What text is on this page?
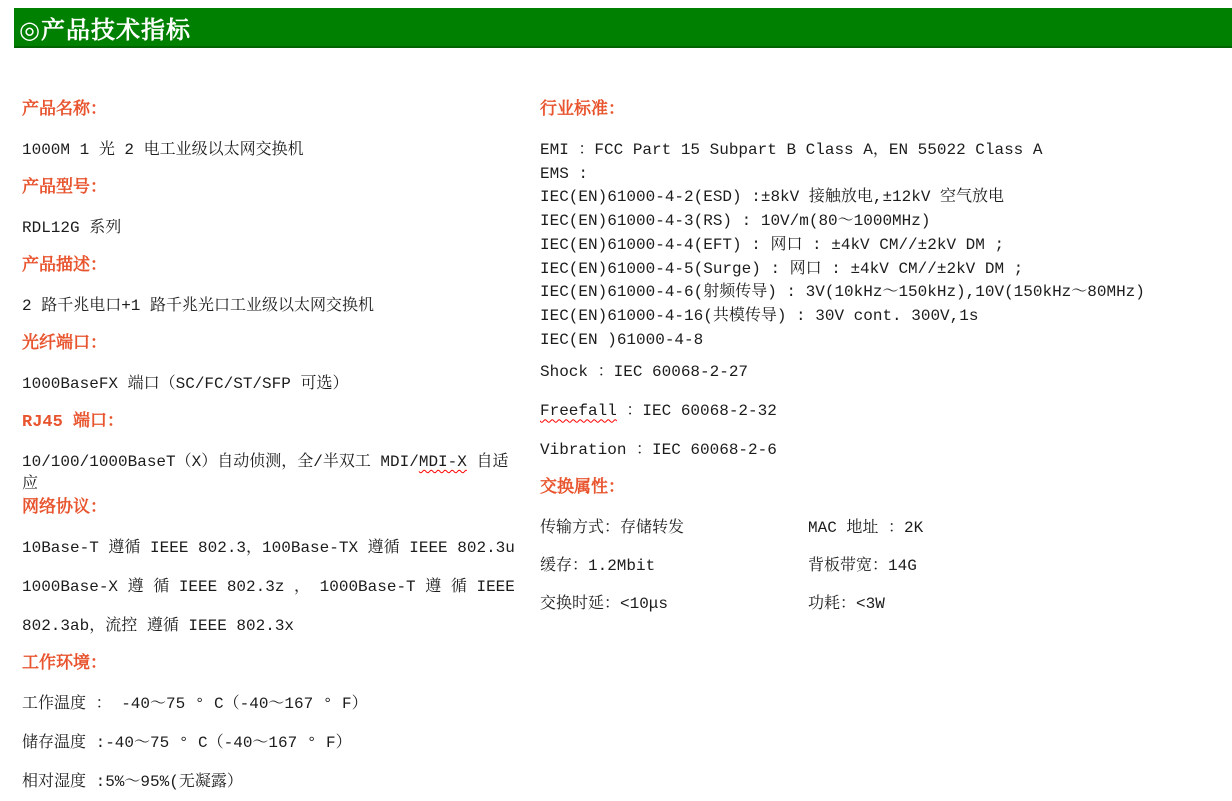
◎产品技术指标
产品名称：

1000M 1 光 2 电工业级以太网交换机

产品型号：

RDL12G 系列

产品描述：

2 路千兆电口+1 路千兆光口工业级以太网交换机

光纤端口：

1000BaseFX 端口（SC/FC/ST/SFP 可选）

RJ45 端口：

10/100/1000BaseT（X）自动侦测，全/半双工 MDI/MDI-X 自适应

网络协议：

10Base-T 遵循 IEEE 802.3，100Base-TX 遵循 IEEE 802.3u

1000Base-X 遵 循 IEEE 802.3z ， 1000Base-T 遵 循 IEEE

802.3ab，流控 遵循 IEEE 802.3x

工作环境：

工作温度 ： -40～75 ° C（-40～167 ° F）

储存温度 :-40～75 ° C（-40～167 ° F）

相对湿度 :5%～95%(无凝露）

行业标准：

EMI ：FCC Part 15 Subpart B Class A，EN 55022 Class A

EMS :

IEC(EN)61000-4-2(ESD) :±8kV 接触放电,±12kV 空气放电

IEC(EN)61000-4-3(RS) : 10V/m(80～1000MHz)

IEC(EN)61000-4-4(EFT) : 网口 : ±4kV CM//±2kV DM ;

IEC(EN)61000-4-5(Surge) : 网口 : ±4kV CM//±2kV DM ;

IEC(EN)61000-4-6(射频传导) : 3V(10kHz～150kHz),10V(150kHz～80MHz)

IEC(EN)61000-4-16(共模传导) : 30V cont. 300V,1s

IEC(EN )61000-4-8

Shock ：IEC 60068-2-27

Freefall ：IEC 60068-2-32

Vibration ：IEC 60068-2-6

交换属性：
传输方式：存储转发	MAC 地址 ：2K
缓存：1.2Mbit	背板带宽：14G
交换时延：<10μs	功耗：<3W
